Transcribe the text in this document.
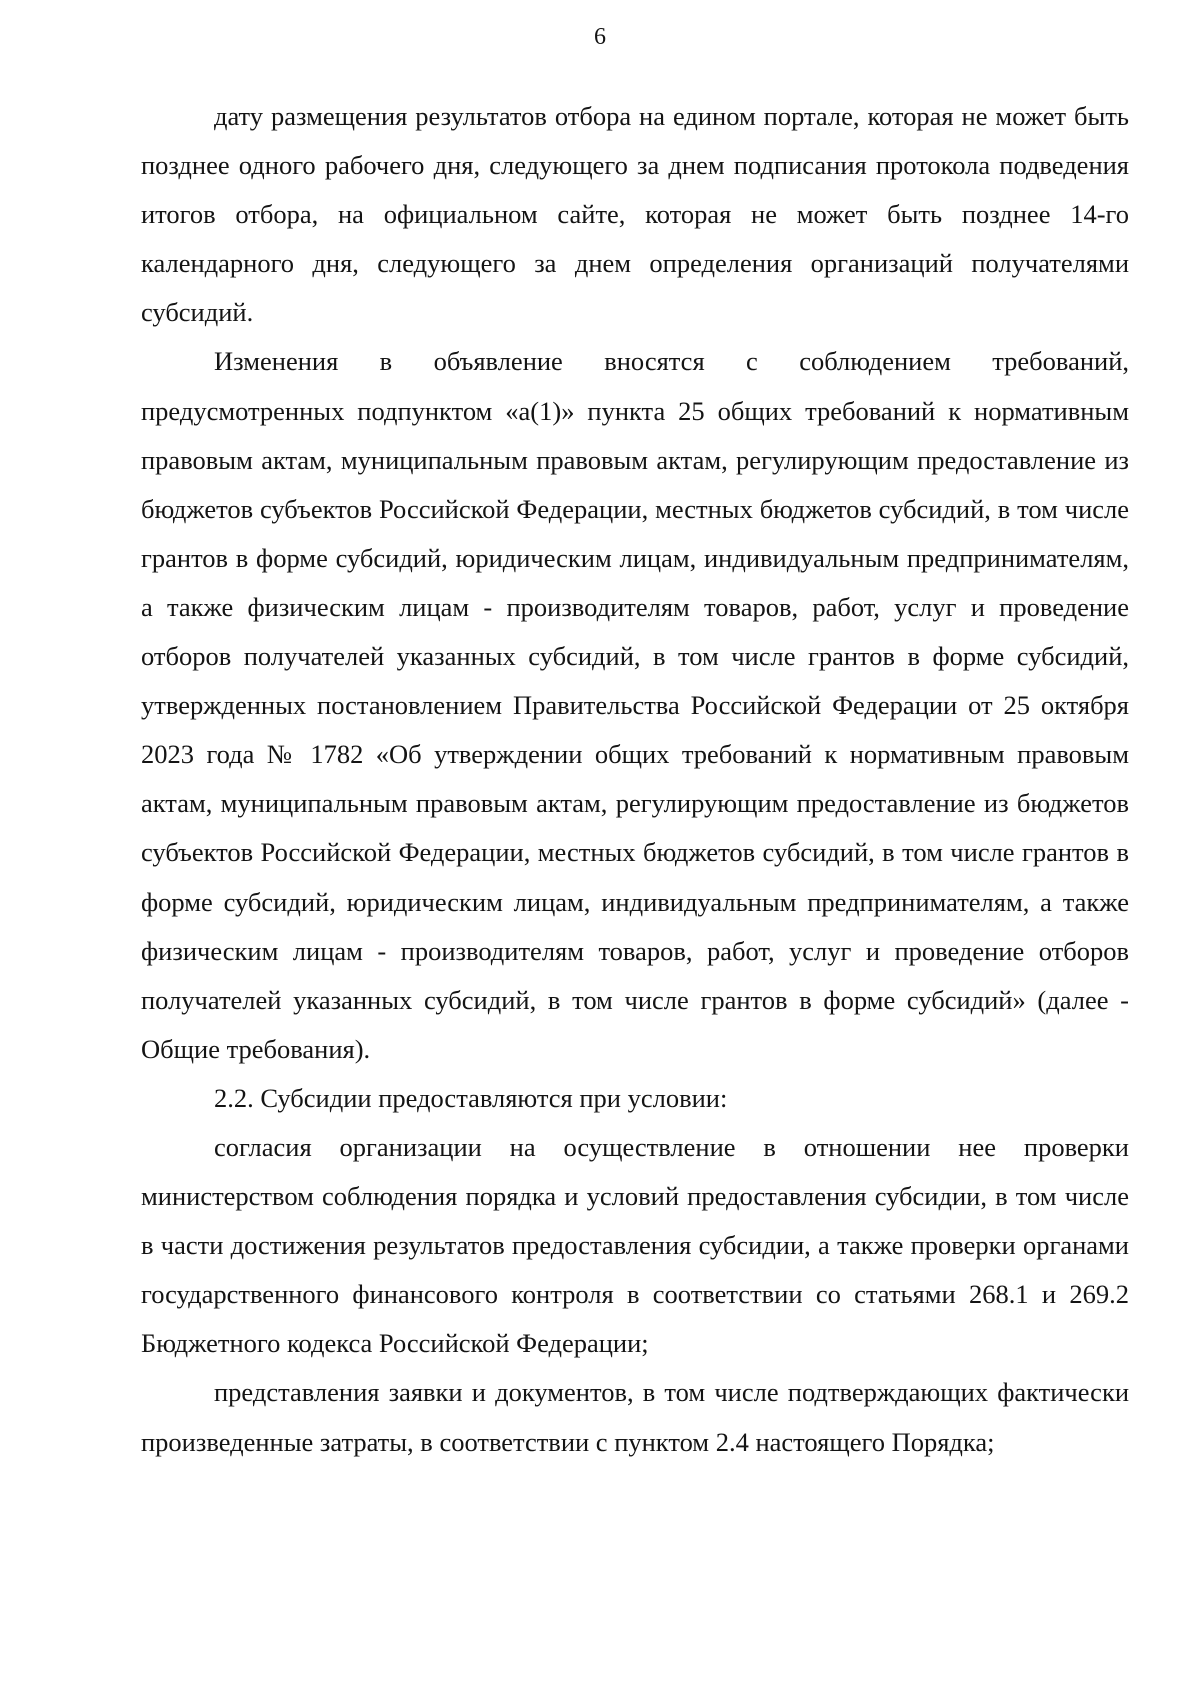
6

дату размещения результатов отбора на едином портале, которая не может быть позднее одного рабочего дня, следующего за днем подписания протокола подведения итогов отбора, на официальном сайте, которая не может быть позднее 14-го календарного дня, следующего за днем определения организаций получателями субсидий.

Изменения в объявление вносятся с соблюдением требований, предусмотренных подпунктом «а(1)» пункта 25 общих требований к нормативным правовым актам, муниципальным правовым актам, регулирующим предоставление из бюджетов субъектов Российской Федерации, местных бюджетов субсидий, в том числе грантов в форме субсидий, юридическим лицам, индивидуальным предпринимателям, а также физическим лицам - производителям товаров, работ, услуг и проведение отборов получателей указанных субсидий, в том числе грантов в форме субсидий, утвержденных постановлением Правительства Российской Федерации от 25 октября 2023 года № 1782 «Об утверждении общих требований к нормативным правовым актам, муниципальным правовым актам, регулирующим предоставление из бюджетов субъектов Российской Федерации, местных бюджетов субсидий, в том числе грантов в форме субсидий, юридическим лицам, индивидуальным предпринимателям, а также физическим лицам - производителям товаров, работ, услуг и проведение отборов получателей указанных субсидий, в том числе грантов в форме субсидий» (далее - Общие требования).

2.2. Субсидии предоставляются при условии:

согласия организации на осуществление в отношении нее проверки министерством соблюдения порядка и условий предоставления субсидии, в том числе в части достижения результатов предоставления субсидии, а также проверки органами государственного финансового контроля в соответствии со статьями 268.1 и 269.2 Бюджетного кодекса Российской Федерации;

представления заявки и документов, в том числе подтверждающих фактически произведенные затраты, в соответствии с пунктом 2.4 настоящего Порядка;
